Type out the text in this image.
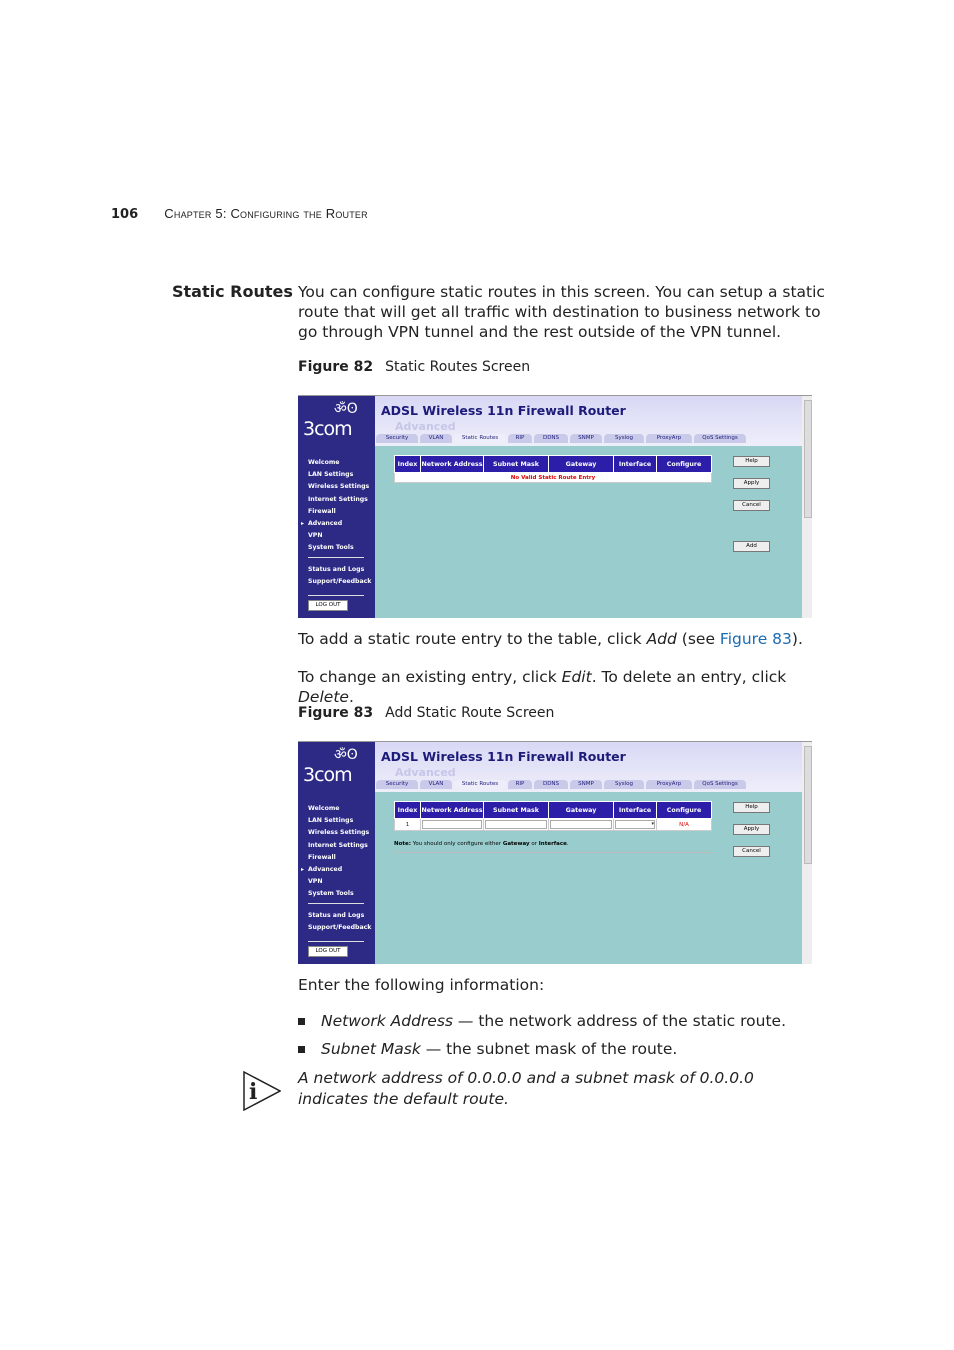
106 Chapter 5: Configuring the Router
Static Routes You can configure static routes in this screen. You can setup a static route that will get all traffic with destination to business network to go through VPN tunnel and the rest outside of the VPN tunnel.
Figure 82 Static Routes Screen
ॐʘ
3com
Welcome
LAN Settings
Wireless Settings
Internet Settings
Firewall
▸ Advanced
VPN
System Tools
Status and Logs
Support/Feedback
LOG OUT
ADSL Wireless 11n Firewall Router
Advanced
Security	VLAN	Static Routes	RIP	DDNS	SNMP	Syslog	ProxyArp	QoS Settings
Index	Network Address	Subnet Mask	Gateway	Interface	Configure
No Valid Static Route Entry
Help
Apply
Cancel
Add
To add a static route entry to the table, click Add (see Figure 83).
To change an existing entry, click Edit. To delete an entry, click Delete.
Figure 83 Add Static Route Screen
ॐʘ
3com
Welcome
LAN Settings
Wireless Settings
Internet Settings
Firewall
▸ Advanced
VPN
System Tools
Status and Logs
Support/Feedback
LOG OUT
ADSL Wireless 11n Firewall Router
Advanced
Security	VLAN	Static Routes	RIP	DDNS	SNMP	Syslog	ProxyArp	QoS Settings
Index	Network Address	Subnet Mask	Gateway	Interface	Configure
1				▾	N/A
Note: You should only configure either Gateway or Interface.
Help
Apply
Cancel
Enter the following information:
Network Address — the network address of the static route.
Subnet Mask — the subnet mask of the route.
i
A network address of 0.0.0.0 and a subnet mask of 0.0.0.0 indicates the default route.
